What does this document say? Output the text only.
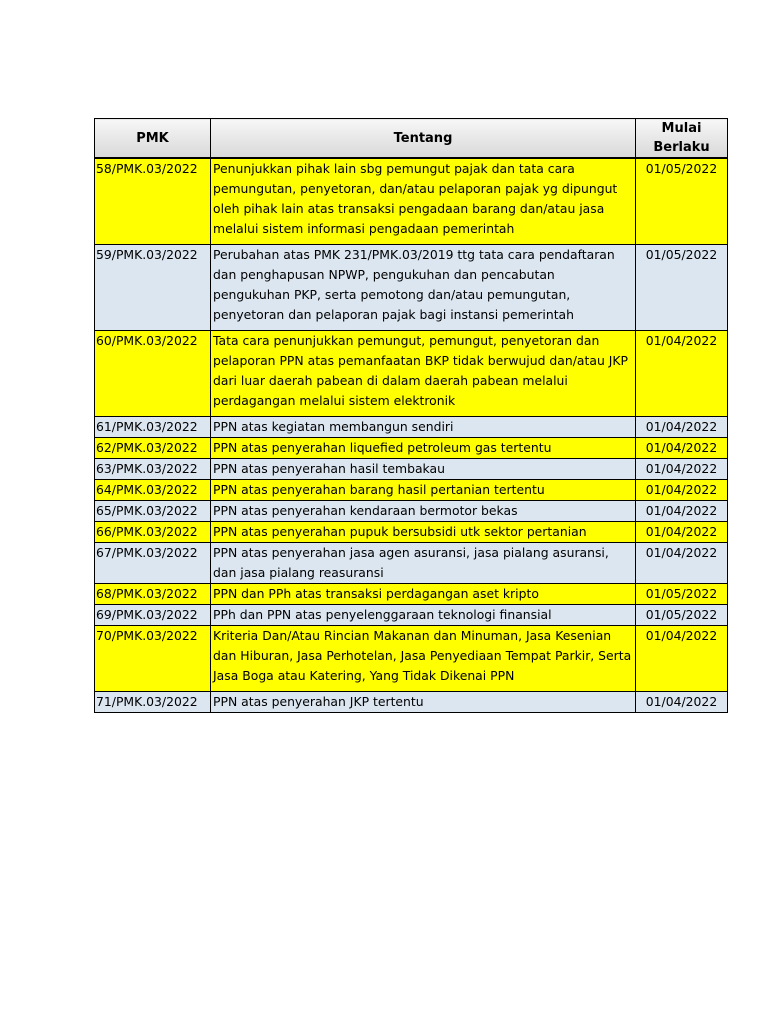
PMK	Tentang	Mulai
Berlaku
58/PMK.03/2022	Penunjukkan pihak lain sbg pemungut pajak dan tata cara pemungutan, penyetoran, dan/atau pelaporan pajak yg dipungut oleh pihak lain atas transaksi pengadaan barang dan/atau jasa melalui sistem informasi pengadaan pemerintah	01/05/2022
59/PMK.03/2022	Perubahan atas PMK 231/PMK.03/2019 ttg tata cara pendaftaran dan penghapusan NPWP, pengukuhan dan pencabutan pengukuhan PKP, serta pemotong dan/atau pemungutan, penyetoran dan pelaporan pajak bagi instansi pemerintah	01/05/2022
60/PMK.03/2022	Tata cara penunjukkan pemungut, pemungut, penyetoran dan pelaporan PPN atas pemanfaatan BKP tidak berwujud dan/atau JKP dari luar daerah pabean di dalam daerah pabean melalui perdagangan melalui sistem elektronik	01/04/2022
61/PMK.03/2022	PPN atas kegiatan membangun sendiri	01/04/2022
62/PMK.03/2022	PPN atas penyerahan liquefied petroleum gas tertentu	01/04/2022
63/PMK.03/2022	PPN atas penyerahan hasil tembakau	01/04/2022
64/PMK.03/2022	PPN atas penyerahan barang hasil pertanian tertentu	01/04/2022
65/PMK.03/2022	PPN atas penyerahan kendaraan bermotor bekas	01/04/2022
66/PMK.03/2022	PPN atas penyerahan pupuk bersubsidi utk sektor pertanian	01/04/2022
67/PMK.03/2022	PPN atas penyerahan jasa agen asuransi, jasa pialang asuransi, dan jasa pialang reasuransi	01/04/2022
68/PMK.03/2022	PPN dan PPh atas transaksi perdagangan aset kripto	01/05/2022
69/PMK.03/2022	PPh dan PPN atas penyelenggaraan teknologi finansial	01/05/2022
70/PMK.03/2022	Kriteria Dan/Atau Rincian Makanan dan Minuman, Jasa Kesenian dan Hiburan, Jasa Perhotelan, Jasa Penyediaan Tempat Parkir, Serta Jasa Boga atau Katering, Yang Tidak Dikenai PPN	01/04/2022
71/PMK.03/2022	PPN atas penyerahan JKP tertentu	01/04/2022
